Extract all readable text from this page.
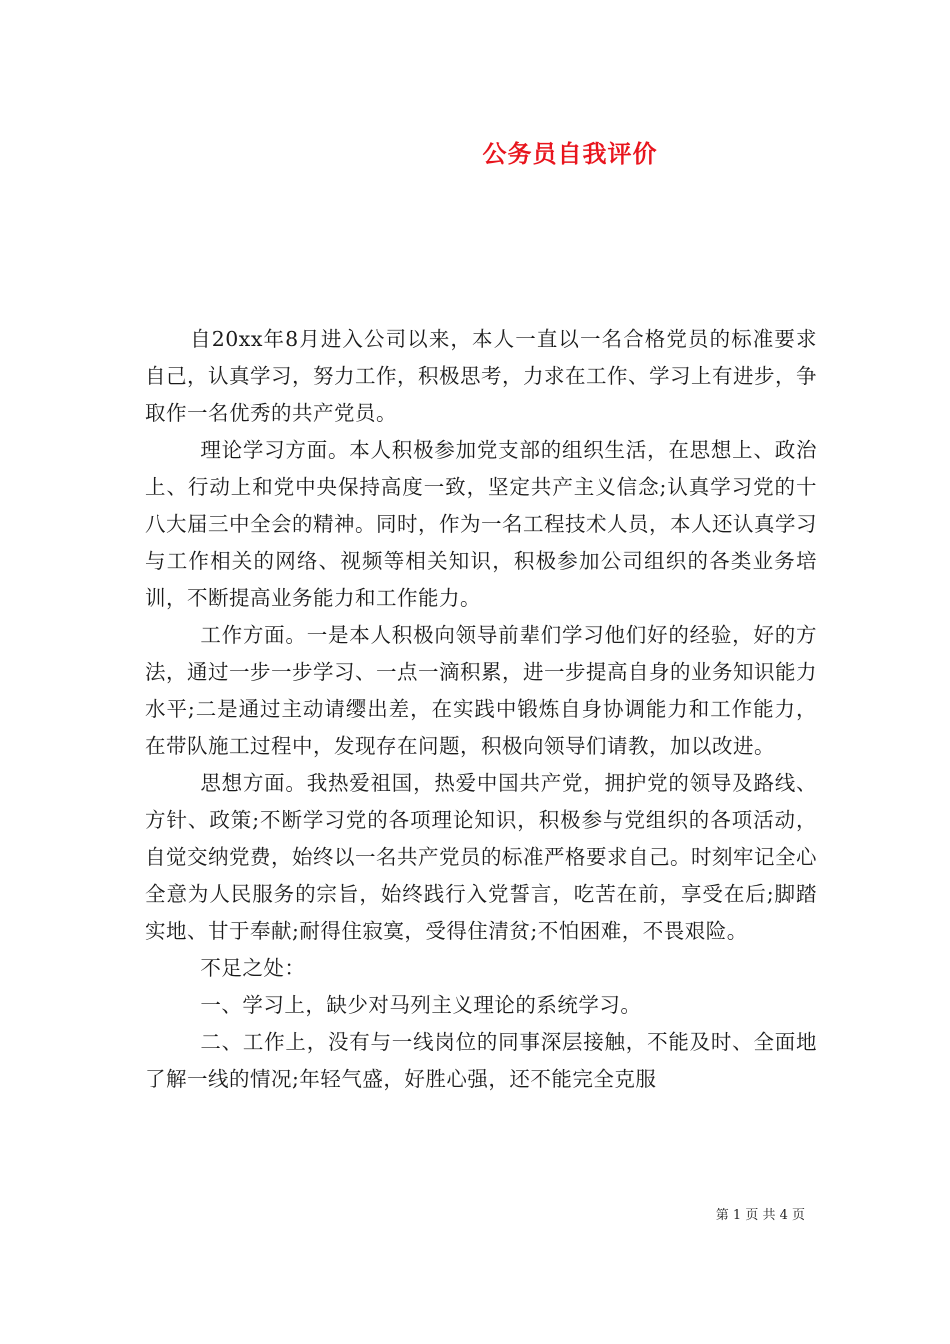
公务员自我评价

自20xx年8月进入公司以来，本人一直以一名合格党员的标准要求自己，认真学习，努力工作，积极思考，力求在工作、学习上有进步，争取作一名优秀的共产党员。

理论学习方面。本人积极参加党支部的组织生活，在思想上、政治上、行动上和党中央保持高度一致，坚定共产主义信念;认真学习党的十八大届三中全会的精神。同时，作为一名工程技术人员，本人还认真学习与工作相关的网络、视频等相关知识，积极参加公司组织的各类业务培训，不断提高业务能力和工作能力。

工作方面。一是本人积极向领导前辈们学习他们好的经验，好的方法，通过一步一步学习、一点一滴积累，进一步提高自身的业务知识能力水平;二是通过主动请缨出差，在实践中锻炼自身协调能力和工作能力，在带队施工过程中，发现存在问题，积极向领导们请教，加以改进。

思想方面。我热爱祖国，热爱中国共产党，拥护党的领导及路线、方针、政策;不断学习党的各项理论知识，积极参与党组织的各项活动，自觉交纳党费，始终以一名共产党员的标准严格要求自己。时刻牢记全心全意为人民服务的宗旨，始终践行入党誓言，吃苦在前，享受在后;脚踏实地、甘于奉献;耐得住寂寞，受得住清贫;不怕困难，不畏艰险。

不足之处：

一、学习上，缺少对马列主义理论的系统学习。

二、工作上，没有与一线岗位的同事深层接触，不能及时、全面地了解一线的情况;年轻气盛，好胜心强，还不能完全克服

第 1 页 共 4 页
